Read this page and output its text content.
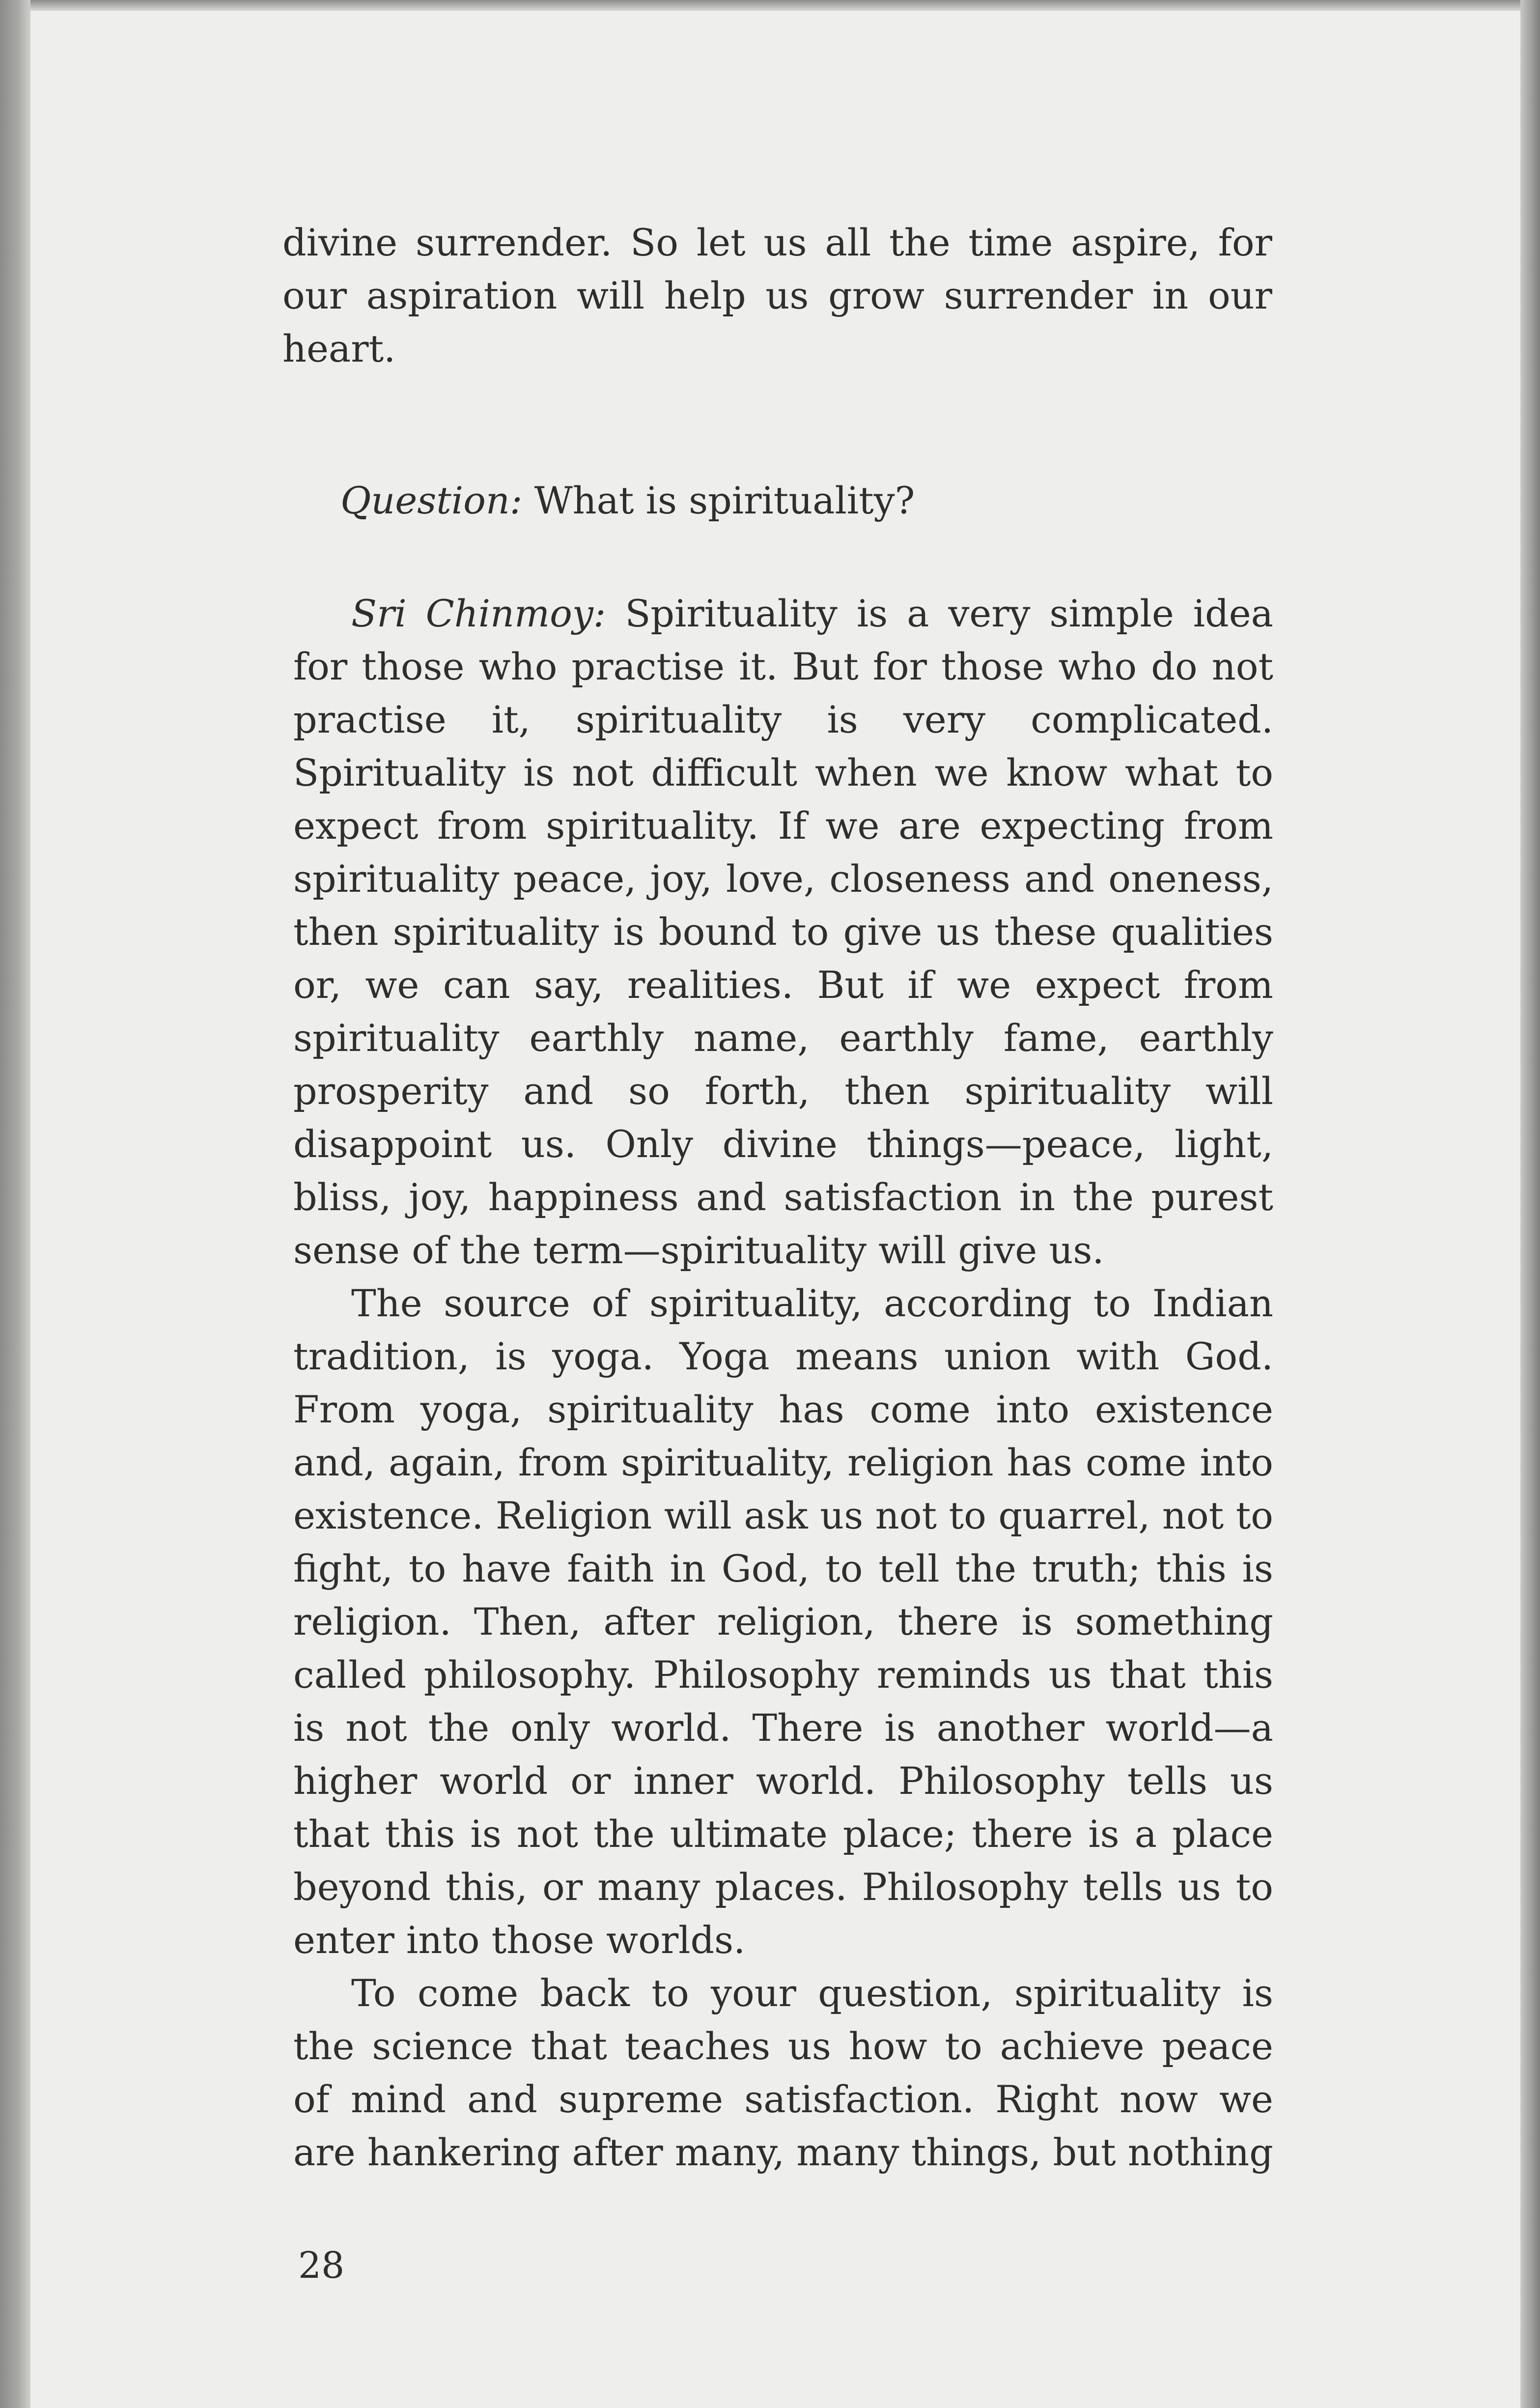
divine surrender. So let us all the time aspire, for our aspiration will help us grow surrender in our heart.

Question: What is spirituality?

Sri Chinmoy: Spirituality is a very simple idea for those who practise it. But for those who do not practise it, spirituality is very complicated. Spirituality is not difficult when we know what to expect from spirituality. If we are expecting from spirituality peace, joy, love, closeness and oneness, then spirituality is bound to give us these qualities or, we can say, realities. But if we expect from spirituality earthly name, earthly fame, earthly prosperity and so forth, then spirituality will disappoint us. Only divine things—peace, light, bliss, joy, happiness and satisfaction in the purest sense of the term—spirituality will give us.

The source of spirituality, according to Indian tradition, is yoga. Yoga means union with God. From yoga, spirituality has come into existence and, again, from spirituality, religion has come into existence. Religion will ask us not to quarrel, not to fight, to have faith in God, to tell the truth; this is religion. Then, after religion, there is something called philosophy. Philosophy reminds us that this is not the only world. There is another world—a higher world or inner world. Philosophy tells us that this is not the ultimate place; there is a place beyond this, or many places. Philosophy tells us to enter into those worlds.

To come back to your question, spirituality is the science that teaches us how to achieve peace of mind and supreme satisfaction. Right now we are hankering after many, many things, but nothing

28
